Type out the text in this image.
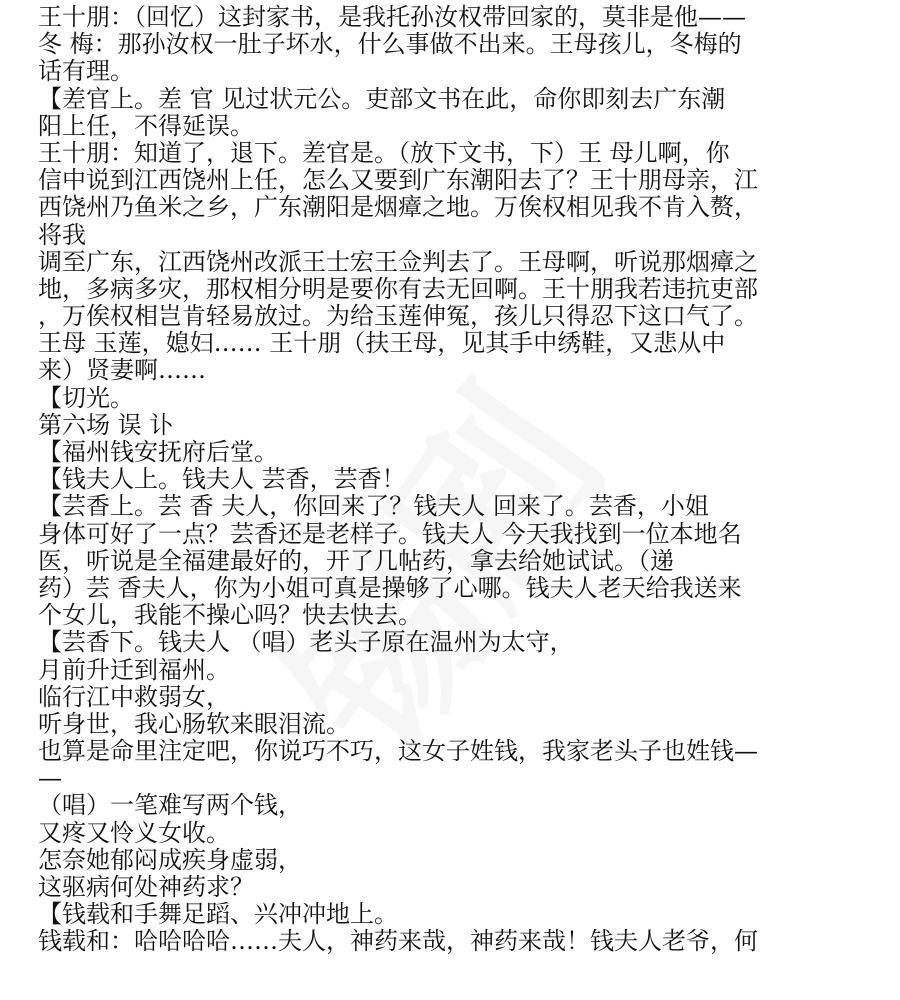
王十朋：（回忆）这封家书，是我托孙汝权带回家的，莫非是他——
冬 梅：那孙汝权一肚子坏水，什么事做不出来。王母孩儿，冬梅的
话有理。
【差官上。差 官 见过状元公。吏部文书在此，命你即刻去广东潮
阳上任，不得延误。
王十朋：知道了，退下。差官是。（放下文书，下）王 母儿啊，你
信中说到江西饶州上任，怎么又要到广东潮阳去了？王十朋母亲，江
西饶州乃鱼米之乡，广东潮阳是烟瘴之地。万俟权相见我不肯入赘，
将我
调至广东，江西饶州改派王士宏王佥判去了。王母啊，听说那烟瘴之
地，多病多灾，那权相分明是要你有去无回啊。王十朋我若违抗吏部
，万俟权相岂肯轻易放过。为给玉莲伸冤，孩儿只得忍下这口气了。
王母 玉莲，媳妇…… 王十朋（扶王母，见其手中绣鞋，又悲从中
来）贤妻啊……
【切光。
第六场 误 讣
【福州钱安抚府后堂。
【钱夫人上。钱夫人 芸香，芸香！
【芸香上。芸 香 夫人，你回来了？钱夫人 回来了。芸香，小姐
身体可好了一点？芸香还是老样子。钱夫人 今天我找到一位本地名
医，听说是全福建最好的，开了几帖药，拿去给她试试。（递
药）芸 香夫人，你为小姐可真是操够了心哪。钱夫人老天给我送来
个女儿，我能不操心吗？快去快去。
【芸香下。钱夫人 （唱）老头子原在温州为太守，
月前升迁到福州。
临行江中救弱女，
听身世，我心肠软来眼泪流。
也算是命里注定吧，你说巧不巧，这女子姓钱，我家老头子也姓钱—
—
（唱）一笔难写两个钱，
又疼又怜义女收。
怎奈她郁闷成疾身虚弱，
这驱病何处神药求？
【钱载和手舞足蹈、兴冲冲地上。
钱载和：哈哈哈哈……夫人，神药来哉，神药来哉！钱夫人老爷，何
